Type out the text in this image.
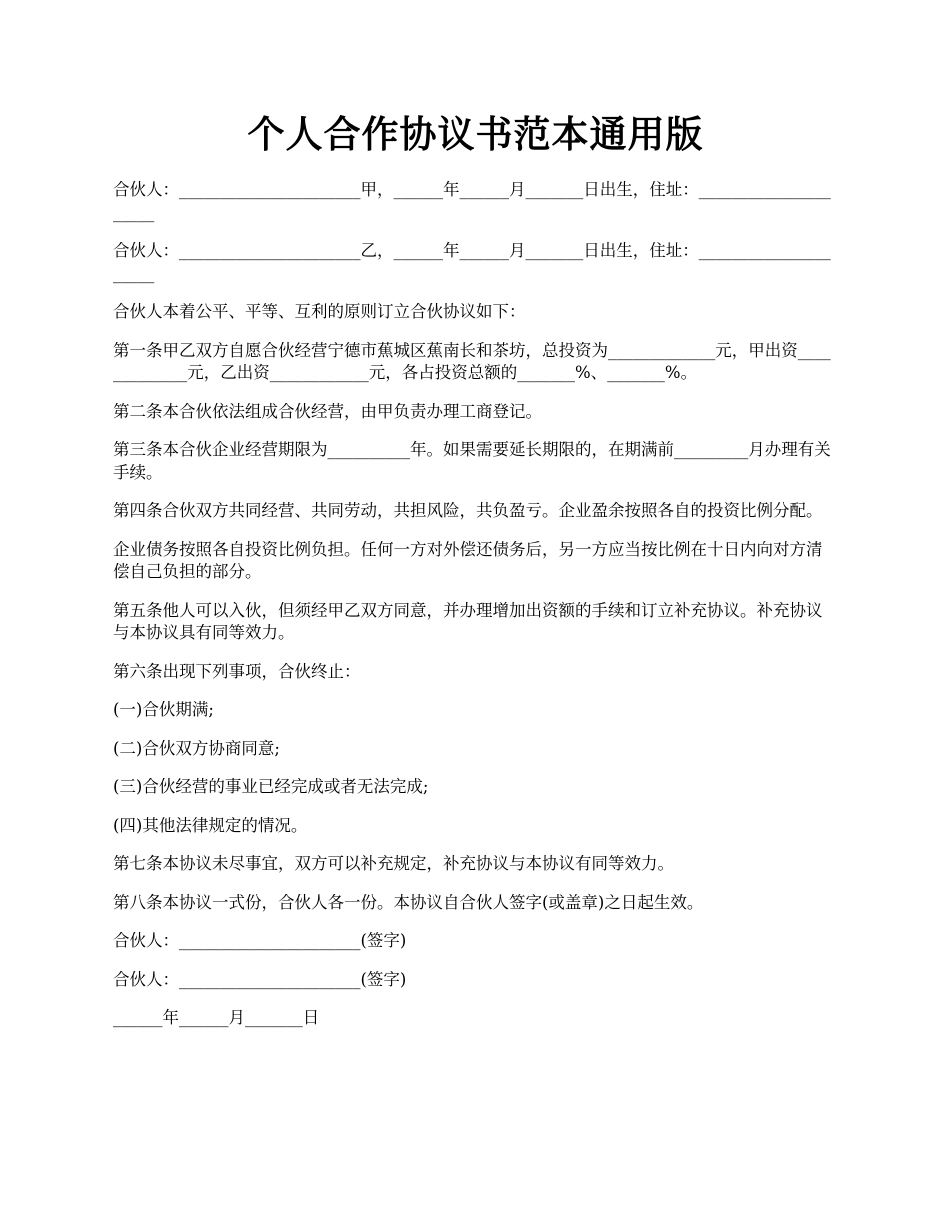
个人合作协议书范本通用版

合伙人：______________________甲，______年______月_______日出生，住址：_____________________

合伙人：______________________乙，______年______月_______日出生，住址：_____________________

合伙人本着公平、平等、互利的原则订立合伙协议如下：

第一条甲乙双方自愿合伙经营宁德市蕉城区蕉南长和茶坊，总投资为_____________元，甲出资_____________元，乙出资____________元，各占投资总额的_______%、_______%。

第二条本合伙依法组成合伙经营，由甲负责办理工商登记。

第三条本合伙企业经营期限为__________年。如果需要延长期限的，在期满前_________月办理有关手续。

第四条合伙双方共同经营、共同劳动，共担风险，共负盈亏。企业盈余按照各自的投资比例分配。

企业债务按照各自投资比例负担。任何一方对外偿还债务后，另一方应当按比例在十日内向对方清偿自己负担的部分。

第五条他人可以入伙，但须经甲乙双方同意，并办理增加出资额的手续和订立补充协议。补充协议与本协议具有同等效力。

第六条出现下列事项，合伙终止：

(一)合伙期满;

(二)合伙双方协商同意;

(三)合伙经营的事业已经完成或者无法完成;

(四)其他法律规定的情况。

第七条本协议未尽事宜，双方可以补充规定，补充协议与本协议有同等效力。

第八条本协议一式份，合伙人各一份。本协议自合伙人签字(或盖章)之日起生效。

合伙人：______________________(签字)

合伙人：______________________(签字)

______年______月_______日
